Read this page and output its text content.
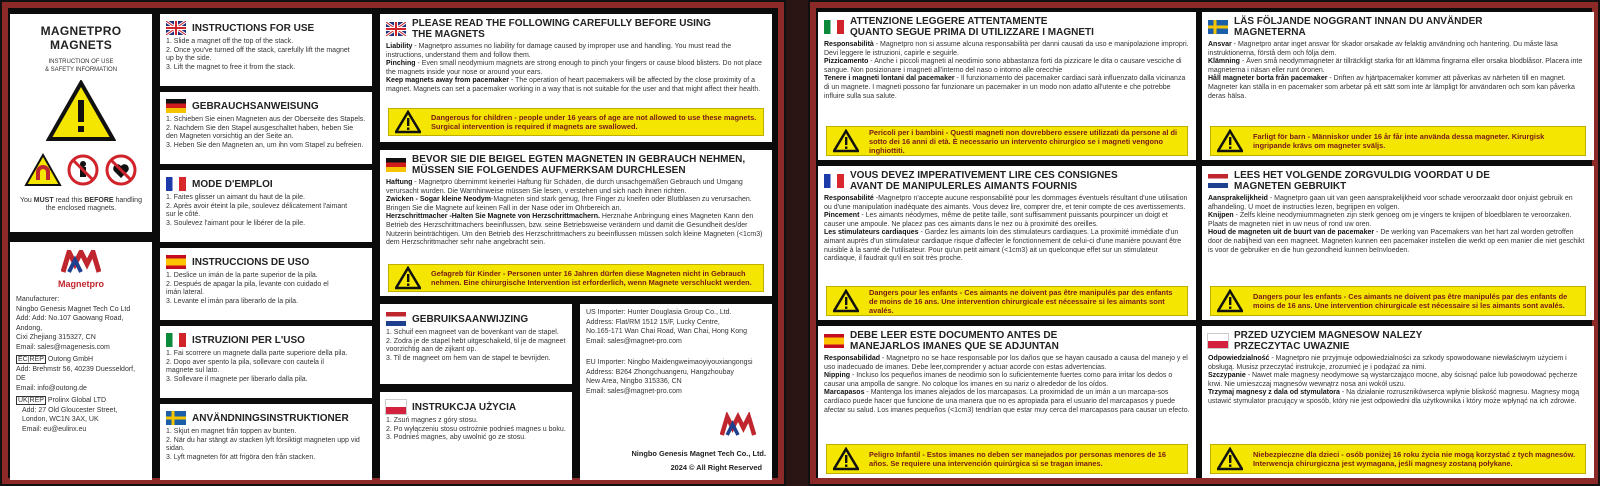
MAGNETPRO MAGNETS
INSTRUCTION OF USE
& SAFETY INFORMATION
You MUST read this BEFORE handling the enclosed magnets.
Magnetpro
Manufacturer:
Ningbo Genesis Magnet Tech Co Ltd
Add: Add: No.107 Gaowang Road, Andong,
Cixi Zhejiang 315327, CN
Email: sales@magenesis.com
EC|REP Outong GmbH
Add: Brehmstr 56, 40239 Duesseldorf, DE
Email: info@outong.de
UK|REP Prolinx Global LTD
Add: 27 Old Gloucester Street,
London, WC1N 3AX, UK
Email: eu@eulinx.eu
INSTRUCTIONS FOR USE
1. Slide a magnet off the top of the stack.
2. Once you've turned off the stack, carefully lift the magnet
up by the side.
3. Lift the magnet to free it from the stack.
GEBRAUCHSANWEISUNG
1. Schieben Sie einen Magneten aus der Oberseite des Stapels.
2. Nachdem Sie den Stapel ausgeschaltet haben, heben Sie
den Magneten vorsichtig an der Seite an.
3. Heben Sie den Magneten an, um ihn vom Stapel zu befreien.
MODE D'EMPLOI
1. Faites glisser un aimant du haut de la pile.
2. Après avoir éteint la pile, soulevez délicatement l'aimant
sur le côté.
3. Soulevez l'aimant pour le libérer de la pile.
INSTRUCCIONS DE USO
1. Deslice un imán de la parte superior de la pila.
2. Después de apagar la pila, levante con cuidado el
imán lateral.
3. Levante el imán para liberarlo de la pila.
ISTRUZIONI PER L'USO
1. Fai scorrere un magnete dalla parte superiore della pila.
2. Dopo aver spento la pila, sollevare con cautela il
magnete sul lato.
3. Sollevare il magnete per liberarlo dalla pila.
ANVÄNDNINGSINSTRUKTIONER
1. Skjut en magnet från toppen av bunten.
2. När du har stängt av stacken lyft försiktigt magneten upp vid sidan.
3. Lyft magneten för att frigöra den från stacken.
PLEASE READ THE FOLLOWING CAREFULLY BEFORE USING
THE MAGNETS
Liability - Magnetpro assumes no liability for damage caused by improper use and handling. You must read the instructions, understand them and follow them.
Pinching - Even small neodymium magnets are strong enough to pinch your fingers or cause blood blisters. Do not place the magnets inside your nose or around your ears.
Keep magnets away from pacemaker - The operation of heart pacemakers will be affected by the close proximity of a magnet. Magnets can set a pacemaker working in a way that is not suitable for the user and that might affect their health.
Dangerous for children - people under 16 years of age are not allowed to use these magnets. Surgical intervention is required if magnets are swallowed.
BEVOR SIE DIE BEIGEL EGTEN MAGNETEN IN GEBRAUCH NEHMEN,
MÜSSEN SIE FOLGENDES AUFMERKSAM DURCHLESEN
Haftung - Magnetpro übernimmt keinerlei Haftung für Schäden, die durch unsachgemäßen Gebrauch und Umgang verursacht wurden. Die Warnhinweise müssen Sie lesen, v erstehen und sich nach ihnen richten.
Zwicken - Sogar kleine Neodym-Magneten sind stark genug, Ihre Finger zu kneifen oder Blutblasen zu verursachen. Bringen Sie die Magnete auf keinen Fall in der Nase oder im Ohrbereich an.
Herzschrittmacher -Halten Sie Magnete von Herzschrittmachern. Herznahe Anbringung eines Magneten Kann den Betrieb des Herzschrittmachers beeinflussen, bzw. seine Betriebsweise verändern und damit die Gesundheit des/der Nutzerin beinträchtigen. Um den Betrieb des Herzschrittmachers zu beeinflussen müssen solch kleine Magneten (<1cm3) dem Herzschrittmacher sehr nahe angebracht sein.
Gefagreb für Kinder - Personen unter 16 Jahren dürfen diese Magneten nicht in Gebrauch nehmen. Eine chirurgische Intervention ist erforderlich, wenn Magnete verschluckt werden.
GEBRUIKSAANWIJZING
1. Schuif een magneet van de bovenkant van de stapel.
2. Zodra je de stapel hebt uitgeschakeld, til je de magneet voorzichtig aan de zijkant op.
3. Til de magneet om hem van de stapel te bevrijden.
INSTRUKCJA UŻYCIA
1. Zsuń magnes z góry stosu.
2. Po wyłączeniu stosu ostrożnie podnieś magnes u boku.
3. Podnieś magnes, aby uwolnić go ze stosu.
US Importer: Hunter Douglasia Group Co., Ltd.
Address: Flat/RM 1512 15/F, Lucky Centre,
No.165-171 Wan Chai Road, Wan Chai, Hong Kong
Email: sales@magnet-pro.com
EU Importer: Ningbo Maidengweimaoyiyouxiangongsi
Address: B264 Zhongchuangeru, Hangzhoubay
New Area, Ningbo 315336, CN
Email: sales@magnet-pro.com
Ningbo Genesis Magnet Tech Co., Ltd.
2024 © All Right Reserved
ATTENZIONE LEGGERE ATTENTAMENTE
QUANTO SEGUE PRIMA DI UTILIZZARE I MAGNETI
Responsabilità - Magnetpro non si assume alcuna responsabilità per danni causati da uso e manipolazione impropri. Devi leggere le istruzioni, capirle e seguirle.
Pizzicamento - Anche i piccoli magneti al neodimio sono abbastanza forti da pizzicare le dita o causare vesciche di sangue. Non posizionare i magneti all'interno del naso o intorno alle orecchie
Tenere i magneti lontani dal pacemaker - Il funzionamento dei pacemaker cardiaci sarà influenzato dalla vicinanza di un magnete. I magneti possono far funzionare un pacemaker in un modo non adatto all'utente e che potrebbe influire sulla sua salute.
Pericoli per i bambini - Questi magneti non dovrebbero essere utilizzati da persone al di sotto dei 16 anni di età. È necessario un intervento chirurgico se i magneti vengono inghiottiti.
LÄS FÖLJANDE NOGGRANT INNAN DU ANVÄNDER
MAGNETERNA
Ansvar - Magnetpro antar inget ansvar för skador orsakade av felaktig användning och hantering. Du måste läsa instruktionerna, förstå dem och följa dem.
Klämning - Även små neodymmagneter är tillräckligt starka för att klämma fingrarna eller orsaka blodblåsor. Placera inte magneterna i näsan eller runt öronen.
Håll magneter borta från pacemaker - Driften av hjärtpacemaker kommer att påverkas av närheten till en magnet. Magneter kan ställa in en pacemaker som arbetar på ett sätt som inte är lämpligt för användaren och som kan påverka deras hälsa.
Farligt för barn - Människor under 16 år får inte använda dessa magneter. Kirurgisk ingripande krävs om magneter sväljs.
VOUS DEVEZ IMPERATIVEMENT LIRE CES CONSIGNES
AVANT DE MANIPULERLES AIMANTS FOURNIS
Responsabilité -Magnetpro n'accepte aucune responsabilité pour les dommages éventuels résultant d'une utilisation ou d'une manipulation inadéquate des aimants. Vous devez lire, comprer dre, et tenir compte de ces avertissements.
Pincement - Les aimants néodymes, même de petite taille, sont suffisamment puissants pourpincer un doigt et causer une ampoule. Ne placez pas ces aimants dans le nez ou à proximité des oreilles.
Les stimulateurs cardiaques - Gardez les aimants loin des stimulateurs cardiaques. La proximité immédiate d'un aimant auprès d'un stimulateur cardiaque risque d'affecter le fonctionnement de celui-ci d'une manière pouvant être nuisible à la santé de l'utilisateur. Pour qu'un petit aimant (<1cm3) ait un quelconque effet sur un stimulateur cardiaque, il faudrait qu'il en soit très proche.
Dangers pour les enfants - Ces aimants ne doivent pas être manipulés par des enfants de moins de 16 ans. Une intervention chirurgicale est nécessaire si les aimants sont avalés.
LEES HET VOLGENDE ZORGVULDIG VOORDAT U DE
MAGNETEN GEBRUIKT
Aansprakelijkheid - Magnetpro gaan uit van geen aansprakelijkheid voor schade veroorzaakt door onjuist gebruik en afhandeling. U moet de instructies lezen, begrijpen en volgen.
Knijpen - Zelfs kleine neodymiummagneten zijn sterk genoeg om je vingers te knijpen of bloedblaren te veroorzaken. Plaats de magneten niet in uw neus of rond uw oren.
Houd de magneten uit de buurt van de pacemaker - De werking van Pacemakers van het hart zal worden getroffen door de nabijheid van een magneet. Magneten kunnen een pacemaker instellen die werkt op een manier die niet geschikt is voor de gebruiker en die hun gezondheid kunnen beïnvloeden.
Dangers pour les enfants - Ces aimants ne doivent pas être manipulés par des enfants de moins de 16 ans. Une intervention chirurgicale est nécessaire si les aimants sont avalés.
DEBE LEER ESTE DOCUMENTO ANTES DE
MANEJARLOS IMANES QUE SE ADJUNTAN
Responsabilidad - Magnetpro no se hace responsable por los daños que se hayan causado a causa del manejo y el uso inadecuado de imanes. Debe leer,comprender y actuar acorde con estas advertencias.
Nipping - Incluso los pequeños imanes de neodimio son lo suficientemente fuertes como para irritar los dedos o causar una ampolla de sangre. No coloque los imanes en su nariz o alrededor de los oídos.
Marcapasos - Mantenga los imanes alejados de los marcapasos. La proximidad de un imán a un marcapa-sos cardíaco puede hacer que funcione de una manera que no es apropiada para el usuario del marcapasos y puede afectar su salud. Los imanes pequeños (<1cm3) tendrían que estar muy cerca del marcapasos para causar un efecto.
Peligro Infantil - Estos imanes no deben ser manejados por personas menores de 16 años. Se requiere una intervención quirúrgica si se tragan imanes.
PRZED UZYCIEM MAGNESOW NALEZY
PRZECZYTAC UWAZNIE
Odpowiedzialność - Magnetpro nie przyjmuje odpowiedzialności za szkody spowodowane niewłaściwym użyciem i obsługą. Musisz przeczytać instrukcje, zrozumieć je i podążać za nimi.
Szczypanie - Nawet małe magnesy neodymowe są wystarczająco mocne, aby ścisnąć palce lub powodować pęcherze krwi. Nie umieszczaj magnesów wewnątrz nosa ani wokół uszu.
Trzymaj magnesy z dala od stymulatora - Na działanie rozrusznikówserca wpłynie bliskość magnesu. Magnesy mogą ustawić stymulator pracujący w sposób, który nie jest odpowiedni dla użytkownika i który może wpłynąć na ich zdrowie.
Niebezpieczne dla dzieci - osób poniżej 16 roku życia nie mogą korzystać z tych magnesów. Interwencja chirurgiczna jest wymagana, jeśli magnesy zostaną połykane.
